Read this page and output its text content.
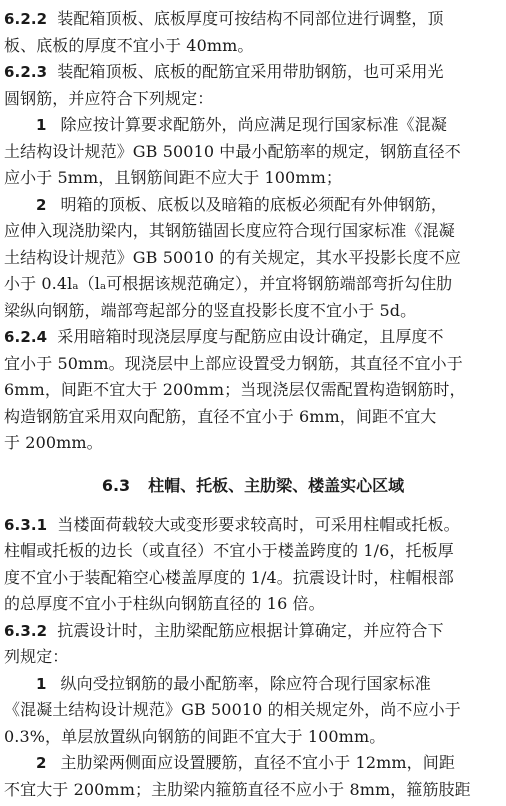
6.2.2 装配箱顶板、底板厚度可按结构不同部位进行调整，顶
板、底板的厚度不宜小于 40mm。
6.2.3 装配箱顶板、底板的配筋宜采用带肋钢筋，也可采用光
圆钢筋，并应符合下列规定：
1 除应按计算要求配筋外，尚应满足现行国家标准《混凝
土结构设计规范》GB 50010 中最小配筋率的规定，钢筋直径不
应小于 5mm，且钢筋间距不应大于 100mm；
2 明箱的顶板、底板以及暗箱的底板必须配有外伸钢筋，
应伸入现浇肋梁内，其钢筋锚固长度应符合现行国家标准《混凝
土结构设计规范》GB 50010 的有关规定，其水平投影长度不应
小于 0.4lₐ（lₐ可根据该规范确定），并宜将钢筋端部弯折勾住肋
梁纵向钢筋，端部弯起部分的竖直投影长度不宜小于 5d。
6.2.4 采用暗箱时现浇层厚度与配筋应由设计确定，且厚度不
宜小于 50mm。现浇层中上部应设置受力钢筋，其直径不宜小于
6mm，间距不宜大于 200mm；当现浇层仅需配置构造钢筋时，
构造钢筋宜采用双向配筋，直径不宜小于 6mm，间距不宜大
于 200mm。
6.3 柱帽、托板、主肋梁、楼盖实心区域
6.3.1 当楼面荷载较大或变形要求较高时，可采用柱帽或托板。
柱帽或托板的边长（或直径）不宜小于楼盖跨度的 1/6，托板厚
度不宜小于装配箱空心楼盖厚度的 1/4。抗震设计时，柱帽根部
的总厚度不宜小于柱纵向钢筋直径的 16 倍。
6.3.2 抗震设计时，主肋梁配筋应根据计算确定，并应符合下
列规定：
1 纵向受拉钢筋的最小配筋率，除应符合现行国家标准
《混凝土结构设计规范》GB 50010 的相关规定外，尚不应小于
0.3%，单层放置纵向钢筋的间距不宜大于 100mm。
2 主肋梁两侧面应设置腰筋，直径不宜小于 12mm，间距
不宜大于 200mm；主肋梁内箍筋直径不应小于 8mm，箍筋肢距
